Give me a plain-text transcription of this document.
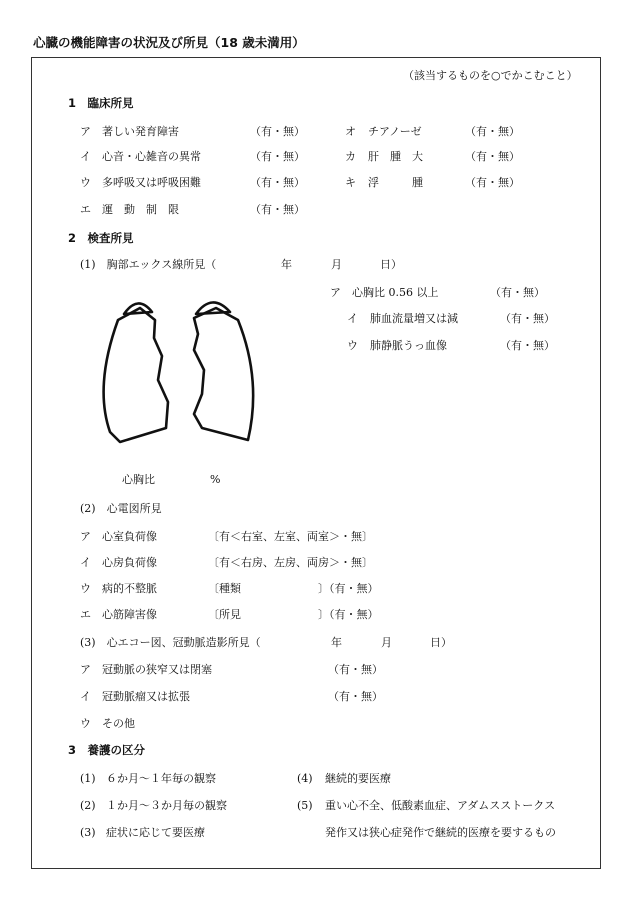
心臓の機能障害の状況及び所見（18 歳未満用）
（該当するものを○でかこむこと）
1　臨床所見
ア 著しい発育障害	（有・無）
イ 心音・心雑音の異常	（有・無）
ウ 多呼吸又は呼吸困難	（有・無）
エ 運　動　制　限	（有・無）
オ チアノーゼ	（有・無）
カ 肝　腫　大	（有・無）
キ 浮　　　腫	（有・無）
2　検査所見
(1)　胸部エックス線所見（	年	月	日）
ア 心胸比 0.56 以上	（有・無）
イ 肺血流量増又は減	（有・無）
ウ 肺静脈うっ血像	（有・無）
心胸比	%
(2)　心電図所見
ア 心室負荷像	〔有＜右室、左室、両室＞・無〕
イ 心房負荷像	〔有＜右房、左房、両房＞・無〕
ウ 病的不整脈	〔種類	〕（有・無）
エ 心筋障害像	〔所見	〕（有・無）
(3)　心エコー図、冠動脈造影所見（	年	月	日）
ア 冠動脈の狭窄又は閉塞	（有・無）
イ 冠動脈瘤又は拡張	（有・無）
ウ その他
3　養護の区分
(1) ６か月～１年毎の観察
(2) １か月～３か月毎の観察
(3) 症状に応じて要医療
(4) 継続的要医療
(5) 重い心不全、低酸素血症、アダムスストークス
発作又は狭心症発作で継続的医療を要するもの
